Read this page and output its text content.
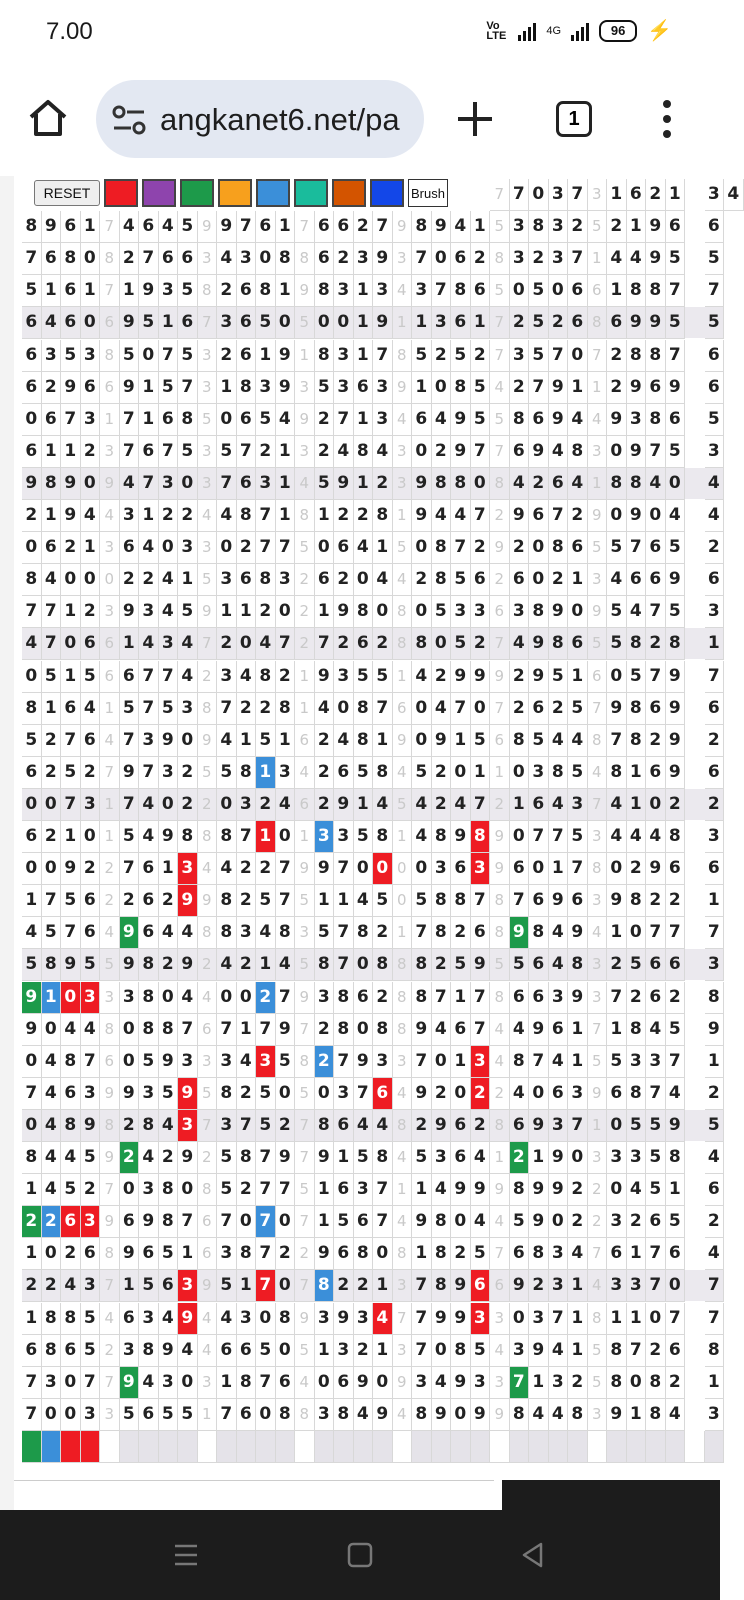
7.00	Vo LTE	4G	96	⚡
angkanet6.net/pa	1
7 7 0 3 7 3 1 6 2 1 3 4
8 9 6 1 7 4 6 4 5 9 9 7 6 1 7 6 6 2 7 9 8 9 4 1 5 3 8 3 2 5 2 1 9 6 6
7 6 8 0 8 2 7 6 6 3 4 3 0 8 8 6 2 3 9 3 7 0 6 2 8 3 2 3 7 1 4 4 9 5 5
5 1 6 1 7 1 9 3 5 8 2 6 8 1 9 8 3 1 3 4 3 7 8 6 5 0 5 0 6 6 1 8 8 7 7
6 4 6 0 6 9 5 1 6 7 3 6 5 0 5 0 0 1 9 1 1 3 6 1 7 2 5 2 6 8 6 9 9 5 5
6 3 5 3 8 5 0 7 5 3 2 6 1 9 1 8 3 1 7 8 5 2 5 2 7 3 5 7 0 7 2 8 8 7 6
6 2 9 6 6 9 1 5 7 3 1 8 3 9 3 5 3 6 3 9 1 0 8 5 4 2 7 9 1 1 2 9 6 9 6
0 6 7 3 1 7 1 6 8 5 0 6 5 4 9 2 7 1 3 4 6 4 9 5 5 8 6 9 4 4 9 3 8 6 5
6 1 1 2 3 7 6 7 5 3 5 7 2 1 3 2 4 8 4 3 0 2 9 7 7 6 9 4 8 3 0 9 7 5 3
9 8 9 0 9 4 7 3 0 3 7 6 3 1 4 5 9 1 2 3 9 8 8 0 8 4 2 6 4 1 8 8 4 0 4
2 1 9 4 4 3 1 2 2 4 4 8 7 1 8 1 2 2 8 1 9 4 4 7 2 9 6 7 2 9 0 9 0 4 4
0 6 2 1 3 6 4 0 3 3 0 2 7 7 5 0 6 4 1 5 0 8 7 2 9 2 0 8 6 5 5 7 6 5 2
8 4 0 0 0 2 2 4 1 5 3 6 8 3 2 6 2 0 4 4 2 8 5 6 2 6 0 2 1 3 4 6 6 9 6
7 7 1 2 3 9 3 4 5 9 1 1 2 0 2 1 9 8 0 8 0 5 3 3 6 3 8 9 0 9 5 4 7 5 3
4 7 0 6 6 1 4 3 4 7 2 0 4 7 2 7 2 6 2 8 8 0 5 2 7 4 9 8 6 5 5 8 2 8 1
0 5 1 5 6 6 7 7 4 2 3 4 8 2 1 9 3 5 5 1 4 2 9 9 9 2 9 5 1 6 0 5 7 9 7
8 1 6 4 1 5 7 5 3 8 7 2 2 8 1 4 0 8 7 6 0 4 7 0 7 2 6 2 5 7 9 8 6 9 6
5 2 7 6 4 7 3 9 0 9 4 1 5 1 6 2 4 8 1 9 0 9 1 5 6 8 5 4 4 8 7 8 2 9 2
6 2 5 2 7 9 7 3 2 5 5 8 1 3 4 2 6 5 8 4 5 2 0 1 1 0 3 8 5 4 8 1 6 9 6
0 0 7 3 1 7 4 0 2 2 0 3 2 4 6 2 9 1 4 5 4 2 4 7 2 1 6 4 3 7 4 1 0 2 2
6 2 1 0 1 5 4 9 8 8 8 7 1 0 1 3 3 5 8 1 4 8 9 8 9 0 7 7 5 3 4 4 4 8 3
0 0 9 2 2 7 6 1 3 4 4 2 2 7 9 9 7 0 0 0 0 3 6 3 9 6 0 1 7 8 0 2 9 6 6
1 7 5 6 2 2 6 2 9 9 8 2 5 7 5 1 1 4 5 0 5 8 8 7 8 7 6 9 6 3 9 8 2 2 1
4 5 7 6 4 9 6 4 4 8 8 3 4 8 3 5 7 8 2 1 7 8 2 6 8 9 8 4 9 4 1 0 7 7 7
5 8 9 5 5 9 8 2 9 2 4 2 1 4 5 8 7 0 8 8 8 2 5 9 5 5 6 4 8 3 2 5 6 6 3
9 1 0 3 3 3 8 0 4 4 0 0 2 7 9 3 8 6 2 8 8 7 1 7 8 6 6 3 9 3 7 2 6 2 8
9 0 4 4 8 0 8 8 7 6 7 1 7 9 7 2 8 0 8 8 9 4 6 7 4 4 9 6 1 7 1 8 4 5 9
0 4 8 7 6 0 5 9 3 3 3 4 3 5 8 2 7 9 3 3 7 0 1 3 4 8 7 4 1 5 5 3 3 7 1
7 4 6 3 9 9 3 5 9 5 8 2 5 0 5 0 3 7 6 4 9 2 0 2 2 4 0 6 3 9 6 8 7 4 2
0 4 8 9 8 2 8 4 3 7 3 7 5 2 7 8 6 4 4 8 2 9 6 2 8 6 9 3 7 1 0 5 5 9 5
8 4 4 5 9 2 4 2 9 2 5 8 7 9 7 9 1 5 8 4 5 3 6 4 1 2 1 9 0 3 3 3 5 8 4
1 4 5 2 7 0 3 8 0 8 5 2 7 7 5 1 6 3 7 1 1 4 9 9 9 8 9 9 2 2 0 4 5 1 6
2 2 6 3 9 6 9 8 7 6 7 0 7 0 7 1 5 6 7 4 9 8 0 4 4 5 9 0 2 2 3 2 6 5 2
1 0 2 6 8 9 6 5 1 6 3 8 7 2 2 9 6 8 0 8 1 8 2 5 7 6 8 3 4 7 6 1 7 6 4
2 2 4 3 7 1 5 6 3 9 5 1 7 0 7 8 2 2 1 3 7 8 9 6 6 9 2 3 1 4 3 3 7 0 7
1 8 8 5 4 6 3 4 9 4 4 3 0 8 9 3 9 3 4 7 7 9 9 3 3 0 3 7 1 8 1 1 0 7 7
6 8 6 5 2 3 8 9 4 4 6 6 5 0 5 1 3 2 1 3 7 0 8 5 4 3 9 4 1 5 8 7 2 6 8
7 3 0 7 7 9 4 3 0 3 1 8 7 6 4 0 6 9 0 9 3 4 9 3 3 7 1 3 2 5 8 0 8 2 1
7 0 0 3 3 5 6 5 5 1 7 6 0 8 8 3 8 4 9 4 8 9 0 9 9 8 4 4 8 3 9 1 8 4 3
RESET	Brush
